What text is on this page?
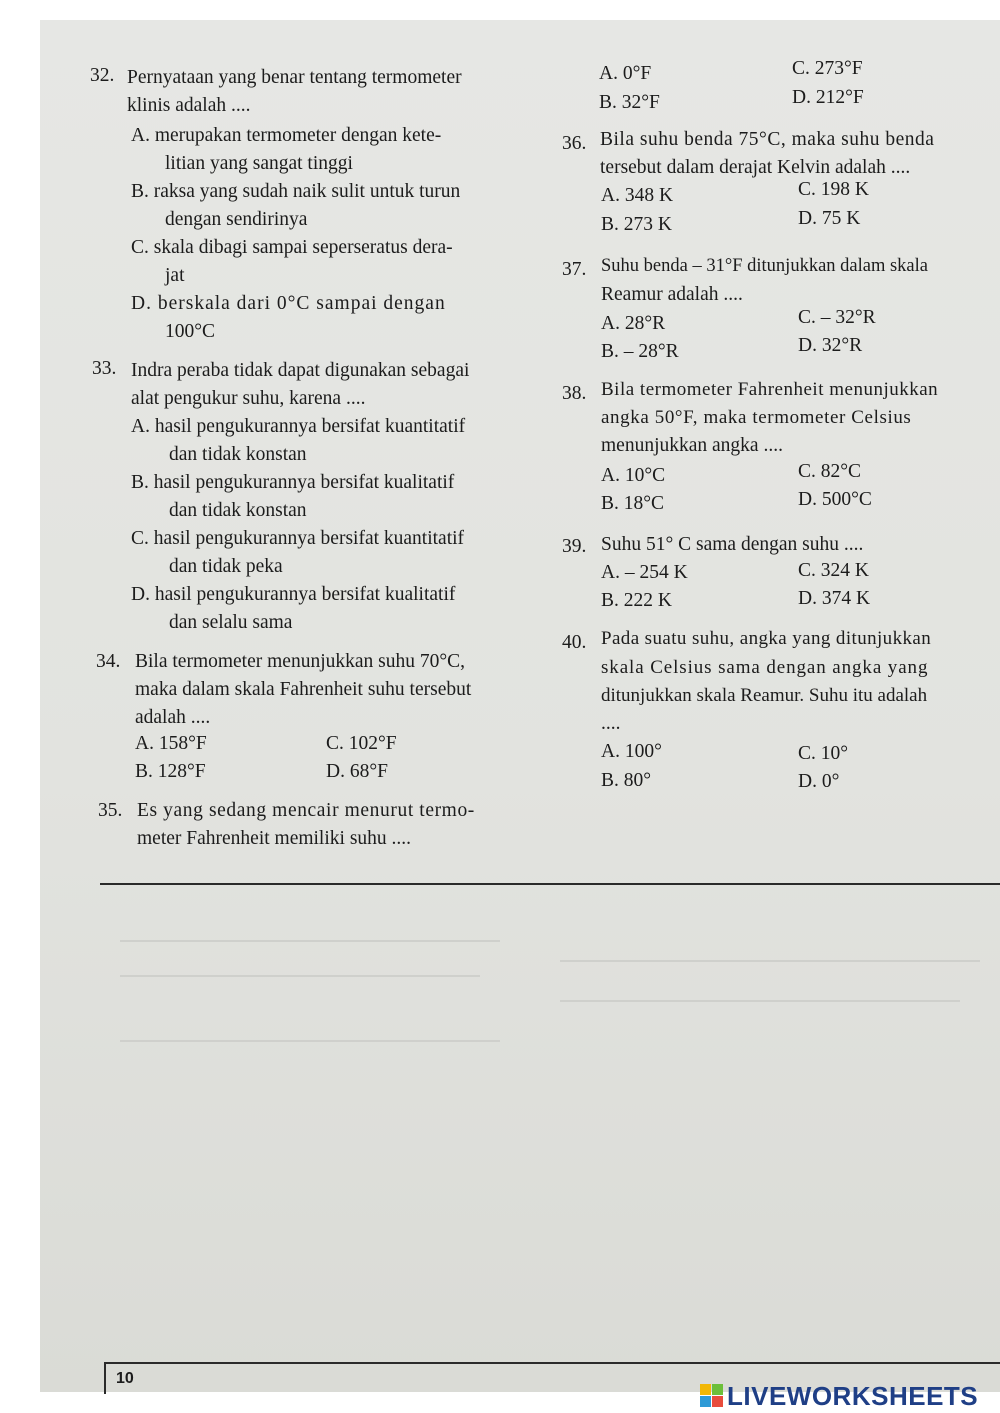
32. Pernyataan yang benar tentang termometer
klinis adalah ....
A. merupakan termometer dengan kete-
litian yang sangat tinggi
B. raksa yang sudah naik sulit untuk turun
dengan sendirinya
C. skala dibagi sampai seperseratus dera-
jat
D. berskala dari 0°C sampai dengan
100°C
33. Indra peraba tidak dapat digunakan sebagai
alat pengukur suhu, karena ....
A. hasil pengukurannya bersifat kuantitatif
dan tidak konstan
B. hasil pengukurannya bersifat kualitatif
dan tidak konstan
C. hasil pengukurannya bersifat kuantitatif
dan tidak peka
D. hasil pengukurannya bersifat kualitatif
dan selalu sama
34. Bila termometer menunjukkan suhu 70°C,
maka dalam skala Fahrenheit suhu tersebut
adalah ....
A. 158°F
B. 128°F
C. 102°F
D. 68°F
35. Es yang sedang mencair menurut termo-
meter Fahrenheit memiliki suhu ....
A. 0°F
B. 32°F
C. 273°F
D. 212°F
36. Bila suhu benda 75°C, maka suhu benda
tersebut dalam derajat Kelvin adalah ....
A. 348 K
B. 273 K
C. 198 K
D. 75 K
37. Suhu benda – 31°F ditunjukkan dalam skala
Reamur adalah ....
A. 28°R
B. – 28°R
C. – 32°R
D. 32°R
38. Bila termometer Fahrenheit menunjukkan
angka 50°F, maka termometer Celsius
menunjukkan angka ....
A. 10°C
B. 18°C
C. 82°C
D. 500°C
39. Suhu 51° C sama dengan suhu ....
A. – 254 K
B. 222 K
C. 324 K
D. 374 K
40. Pada suatu suhu, angka yang ditunjukkan
skala Celsius sama dengan angka yang
ditunjukkan skala Reamur. Suhu itu adalah
....
A. 100°
B. 80°
C. 10°
D. 0°
10
LIVEWORKSHEETS
